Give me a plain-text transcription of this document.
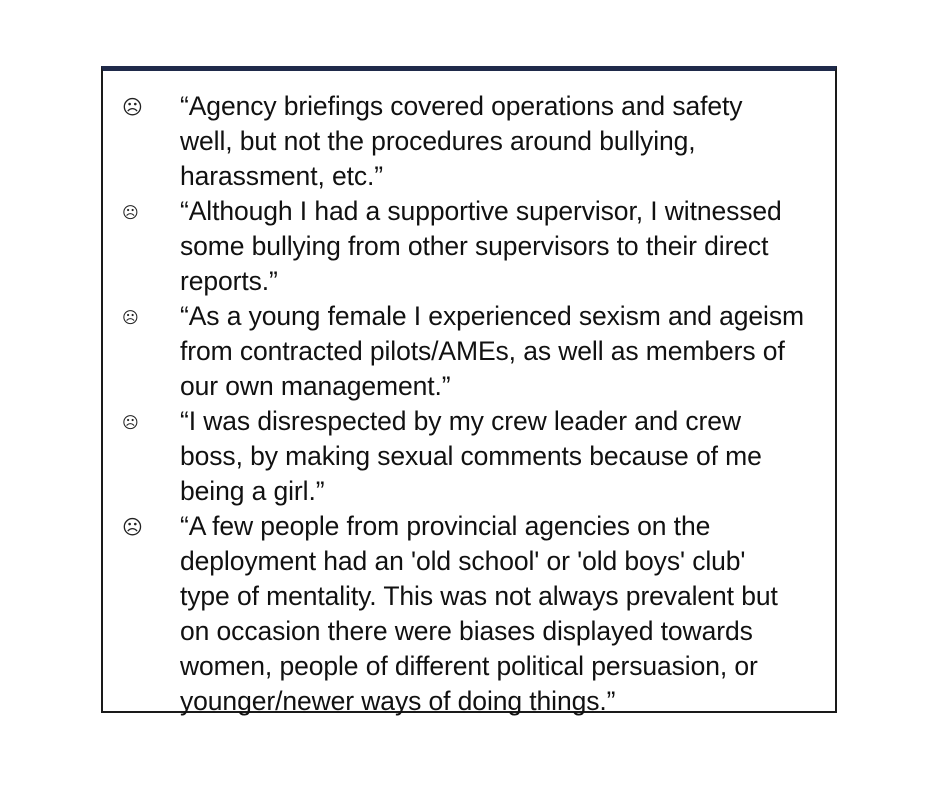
☹ “Agency briefings covered operations and safety
well, but not the procedures around bullying,
harassment, etc.”
☹ “Although I had a supportive supervisor, I witnessed
some bullying from other supervisors to their direct
reports.”
☹ “As a young female I experienced sexism and ageism
from contracted pilots/AMEs, as well as members of
our own management.”
☹ “I was disrespected by my crew leader and crew
boss, by making sexual comments because of me
being a girl.”
☹ “A few people from provincial agencies on the
deployment had an 'old school' or 'old boys' club'
type of mentality. This was not always prevalent but
on occasion there were biases displayed towards
women, people of different political persuasion, or
younger/newer ways of doing things.”
